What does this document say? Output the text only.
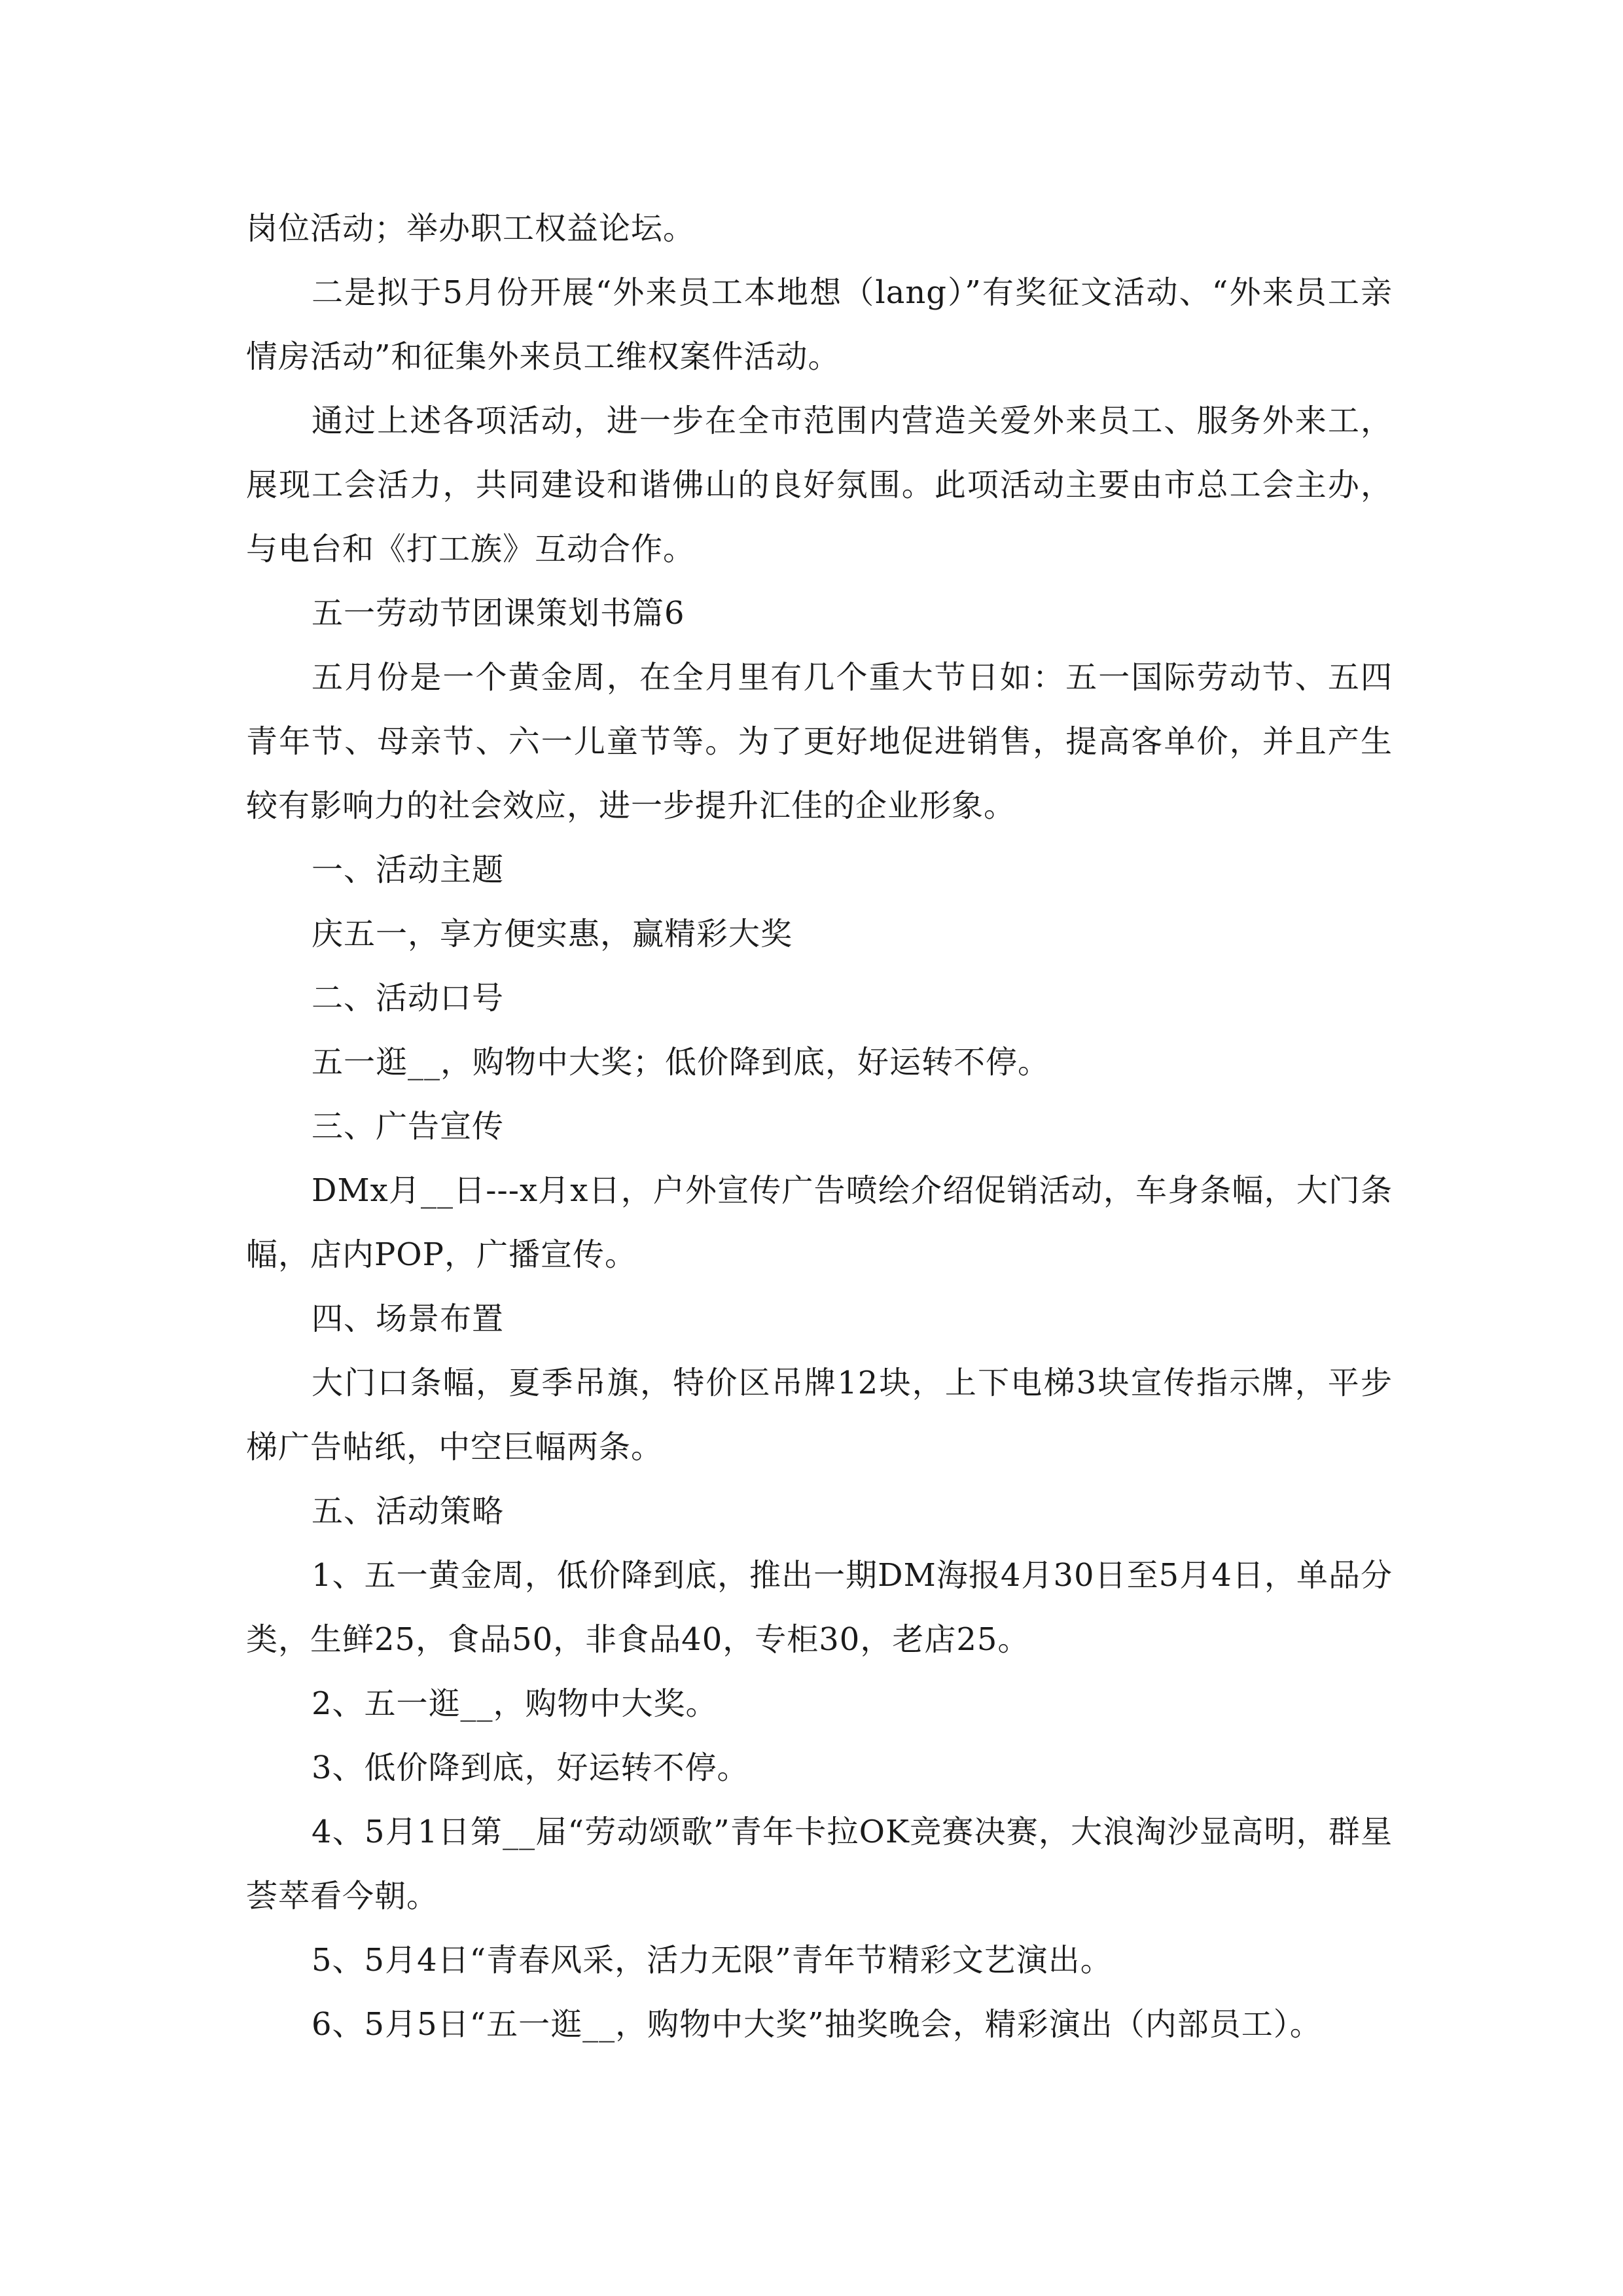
岗位活动；举办职工权益论坛。

二是拟于5月份开展“外来员工本地想（lang）”有奖征文活动、“外来员工亲情房活动”和征集外来员工维权案件活动。

通过上述各项活动，进一步在全市范围内营造关爱外来员工、服务外来工，展现工会活力，共同建设和谐佛山的良好氛围。此项活动主要由市总工会主办，与电台和《打工族》互动合作。

五一劳动节团课策划书篇6

五月份是一个黄金周，在全月里有几个重大节日如：五一国际劳动节、五四青年节、母亲节、六一儿童节等。为了更好地促进销售，提高客单价，并且产生较有影响力的社会效应，进一步提升汇佳的企业形象。

一、活动主题

庆五一，享方便实惠，赢精彩大奖

二、活动口号

五一逛__，购物中大奖；低价降到底，好运转不停。

三、广告宣传

DMx月__日---x月x日，户外宣传广告喷绘介绍促销活动，车身条幅，大门条幅，店内POP，广播宣传。

四、场景布置

大门口条幅，夏季吊旗，特价区吊牌12块，上下电梯3块宣传指示牌，平步梯广告帖纸，中空巨幅两条。

五、活动策略

1、五一黄金周，低价降到底，推出一期DM海报4月30日至5月4日，单品分类，生鲜25，食品50，非食品40，专柜30，老店25。

2、五一逛__，购物中大奖。

3、低价降到底，好运转不停。

4、5月1日第__届“劳动颂歌”青年卡拉OK竞赛决赛，大浪淘沙显高明，群星荟萃看今朝。

5、5月4日“青春风采，活力无限”青年节精彩文艺演出。

6、5月5日“五一逛__，购物中大奖”抽奖晚会，精彩演出（内部员工）。
